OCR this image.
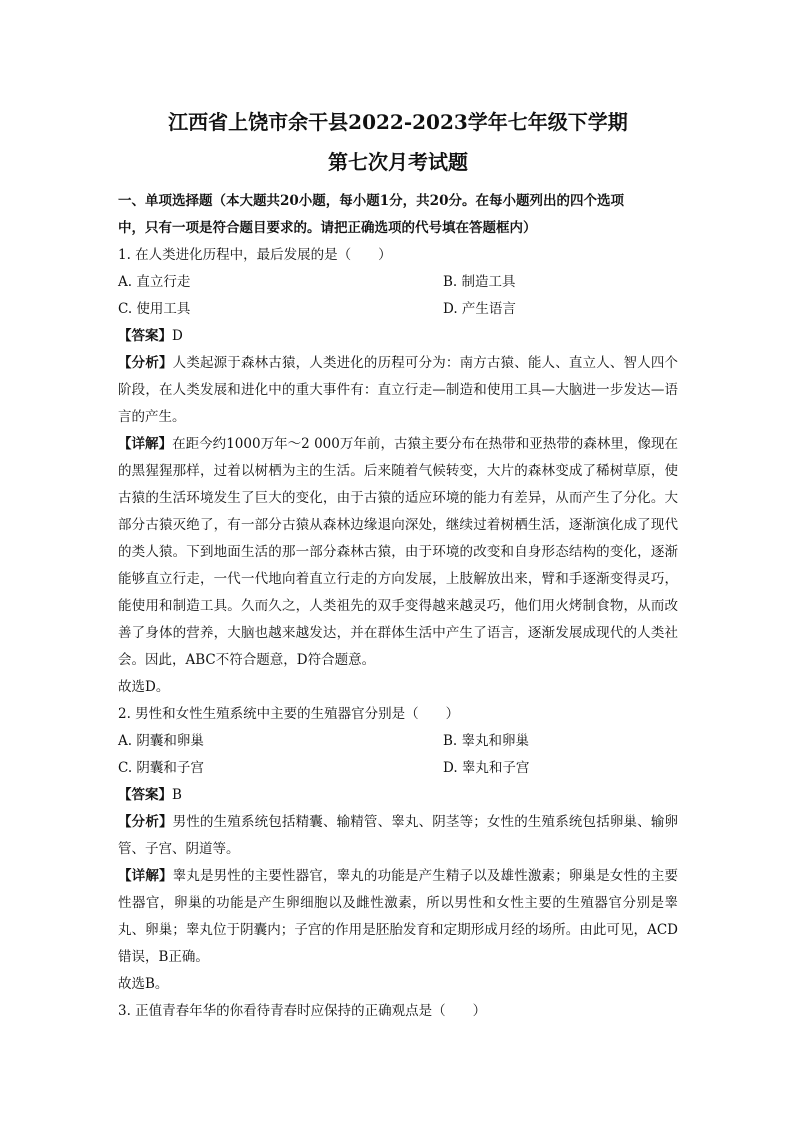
江西省上饶市余干县2022-2023学年七年级下学期

第七次月考试题

一、单项选择题（本大题共20小题，每小题1分，共20分。在每小题列出的四个选项

中，只有一项是符合题目要求的。请把正确选项的代号填在答题框内）

1. 在人类进化历程中，最后发展的是（　　）

A. 直立行走	B. 制造工具
C. 使用工具	D. 产生语言

【答案】D

【分析】人类起源于森林古猿，人类进化的历程可分为：南方古猿、能人、直立人、智人四个阶段，在人类发展和进化中的重大事件有：直立行走—制造和使用工具—大脑进一步发达—语言的产生。

【详解】在距今约1000万年～2 000万年前，古猿主要分布在热带和亚热带的森林里，像现在的黑猩猩那样，过着以树栖为主的生活。后来随着气候转变，大片的森林变成了稀树草原，使古猿的生活环境发生了巨大的变化，由于古猿的适应环境的能力有差异，从而产生了分化。大部分古猿灭绝了，有一部分古猿从森林边缘退向深处，继续过着树栖生活，逐渐演化成了现代的类人猿。下到地面生活的那一部分森林古猿，由于环境的改变和自身形态结构的变化，逐渐能够直立行走，一代一代地向着直立行走的方向发展，上肢解放出来，臂和手逐渐变得灵巧，能使用和制造工具。久而久之，人类祖先的双手变得越来越灵巧，他们用火烤制食物，从而改善了身体的营养，大脑也越来越发达，并在群体生活中产生了语言，逐渐发展成现代的人类社会。因此，ABC不符合题意，D符合题意。

故选D。

2. 男性和女性生殖系统中主要的生殖器官分别是（　　）

A. 阴囊和卵巢	B. 睾丸和卵巢
C. 阴囊和子宫	D. 睾丸和子宫

【答案】B

【分析】男性的生殖系统包括精囊、输精管、睾丸、阴茎等；女性的生殖系统包括卵巢、输卵管、子宫、阴道等。

【详解】睾丸是男性的主要性器官，睾丸的功能是产生精子以及雄性激素；卵巢是女性的主要性器官，卵巢的功能是产生卵细胞以及雌性激素，所以男性和女性主要的生殖器官分别是睾丸、卵巢；睾丸位于阴囊内；子宫的作用是胚胎发育和定期形成月经的场所。由此可见，ACD错误，B正确。

故选B。

3. 正值青春年华的你看待青春时应保持的正确观点是（　　）
